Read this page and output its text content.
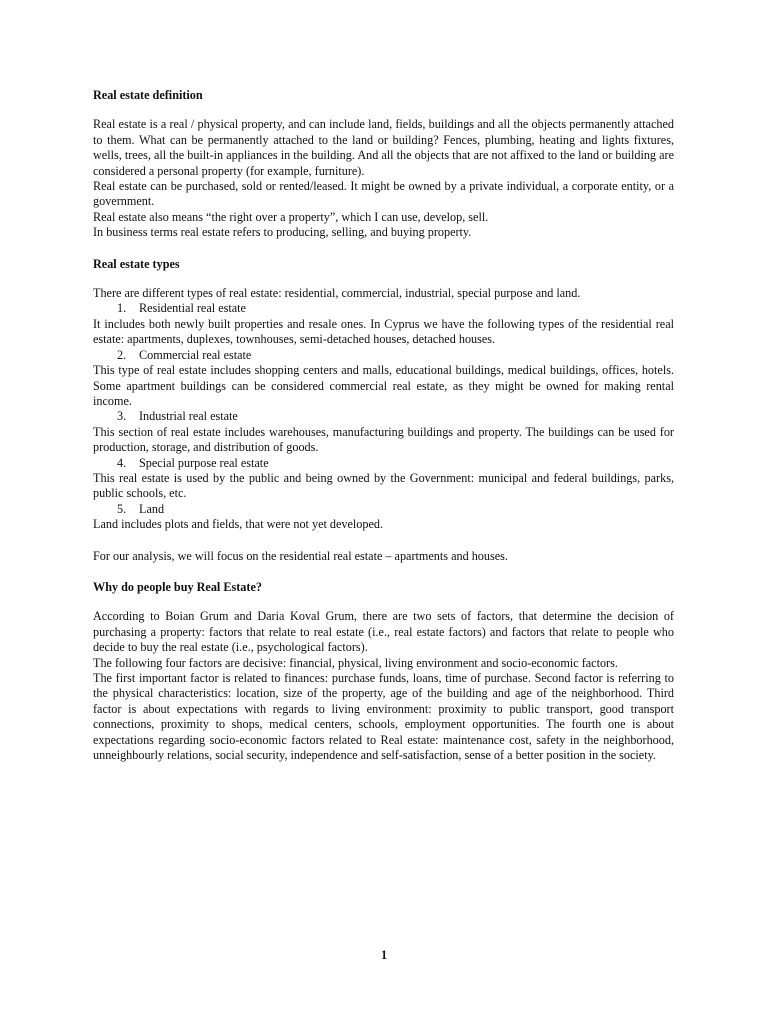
Real estate definition

Real estate is a real / physical property, and can include land, fields, buildings and all the objects permanently attached to them. What can be permanently attached to the land or building? Fences, plumbing, heating and lights fixtures, wells, trees, all the built-in appliances in the building. And all the objects that are not affixed to the land or building are considered a personal property (for example, furniture).

Real estate can be purchased, sold or rented/leased. It might be owned by a private individual, a corporate entity, or a government.

Real estate also means “the right over a property”, which I can use, develop, sell.

In business terms real estate refers to producing, selling, and buying property.

Real estate types

There are different types of real estate: residential, commercial, industrial, special purpose and land.

1.	Residential real estate

It includes both newly built properties and resale ones. In Cyprus we have the following types of the residential real estate: apartments, duplexes, townhouses, semi-detached houses, detached houses.

2.	Commercial real estate

This type of real estate includes shopping centers and malls, educational buildings, medical buildings, offices, hotels. Some apartment buildings can be considered commercial real estate, as they might be owned for making rental income.

3.	Industrial real estate

This section of real estate includes warehouses, manufacturing buildings and property. The buildings can be used for production, storage, and distribution of goods.

4.	Special purpose real estate

This real estate is used by the public and being owned by the Government: municipal and federal buildings, parks, public schools, etc.

5.	Land

Land includes plots and fields, that were not yet developed.

For our analysis, we will focus on the residential real estate – apartments and houses.

Why do people buy Real Estate?

According to Boian Grum and Daria Koval Grum, there are two sets of factors, that determine the decision of purchasing a property: factors that relate to real estate (i.e., real estate factors) and factors that relate to people who decide to buy the real estate (i.e., psychological factors).

The following four factors are decisive: financial, physical, living environment and socio-economic factors.

The first important factor is related to finances: purchase funds, loans, time of purchase. Second factor is referring to the physical characteristics: location, size of the property, age of the building and age of the neighborhood. Third factor is about expectations with regards to living environment: proximity to public transport, good transport connections, proximity to shops, medical centers, schools, employment opportunities. The fourth one is about expectations regarding socio-economic factors related to Real estate: maintenance cost, safety in the neighborhood, unneighbourly relations, social security, independence and self-satisfaction, sense of a better position in the society.

1
